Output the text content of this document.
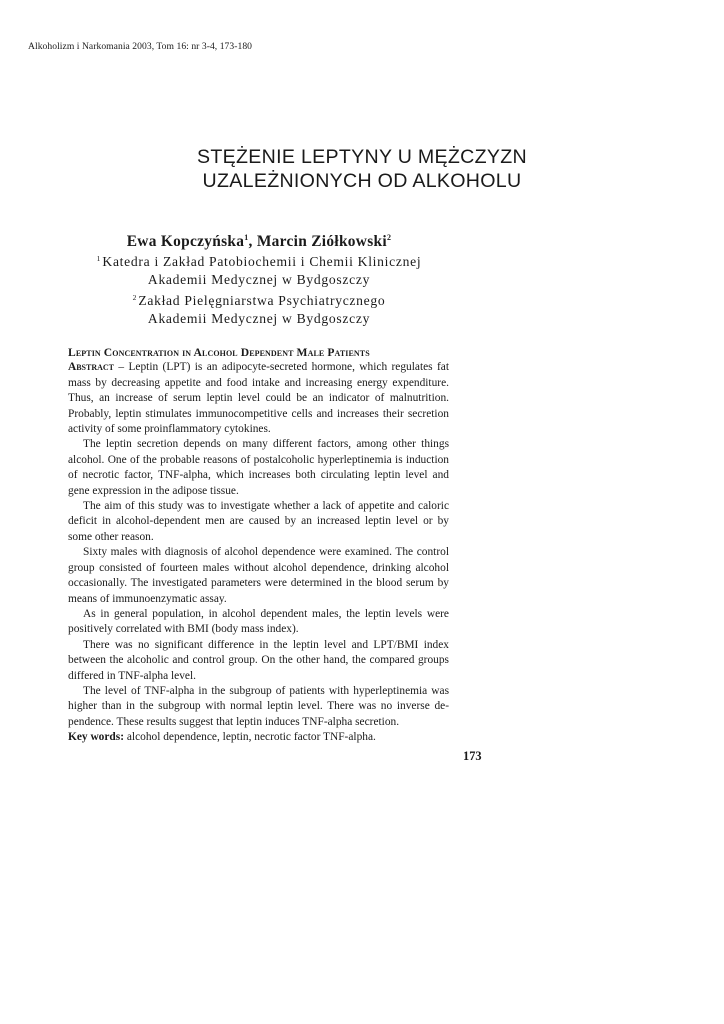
Alkoholizm i Narkomania 2003, Tom 16: nr 3-4, 173-180
STĘŻENIE LEPTYNY U MĘŻCZYZN
UZALEŻNIONYCH OD ALKOHOLU
Ewa Kopczyńska$^1$, Marcin Ziółkowski$^2$
$^1$ Katedra i Zakład Patobiochemii i Chemii Klinicznej
Akademii Medycznej w Bydgoszczy
$^2$ Zakład Pielęgniarstwa Psychiatrycznego
Akademii Medycznej w Bydgoszczy
Leptin Concentration in Alcohol Dependent Male Patients

Abstract – Leptin (LPT) is an adipocyte-secreted hormone, which regulates fat mass by decreasing appetite and food intake and increasing energy expenditure. Thus, an increase of serum leptin level could be an indicator of malnutrition. Probably, leptin stimulates immunocompetitive cells and increases their secretion activity of some proinflammatory cytokines.

The leptin secretion depends on many different factors, among other things alcohol. One of the probable reasons of postalcoholic hyperleptinemia is induction of necrotic factor, TNF-alpha, which increases both circulating leptin level and gene expression in the adipose tissue.

The aim of this study was to investigate whether a lack of appetite and caloric deficit in alcohol-dependent men are caused by an increased leptin level or by some other reason.

Sixty males with diagnosis of alcohol dependence were examined. The control group consisted of fourteen males without alcohol dependence, drinking alcohol occasionally. The investigated parameters were determined in the blood serum by means of immunoenzymatic assay.

As in general population, in alcohol dependent males, the leptin levels were positively correlated with BMI (body mass index).

There was no significant difference in the leptin level and LPT/BMI index between the alcoholic and control group. On the other hand, the compared groups differed in TNF-alpha level.

The level of TNF-alpha in the subgroup of patients with hyperleptinemia was higher than in the subgroup with normal leptin level. There was no inverse dependence. These results suggest that leptin induces TNF-alpha secretion.

Key words: alcohol dependence, leptin, necrotic factor TNF-alpha.

173
